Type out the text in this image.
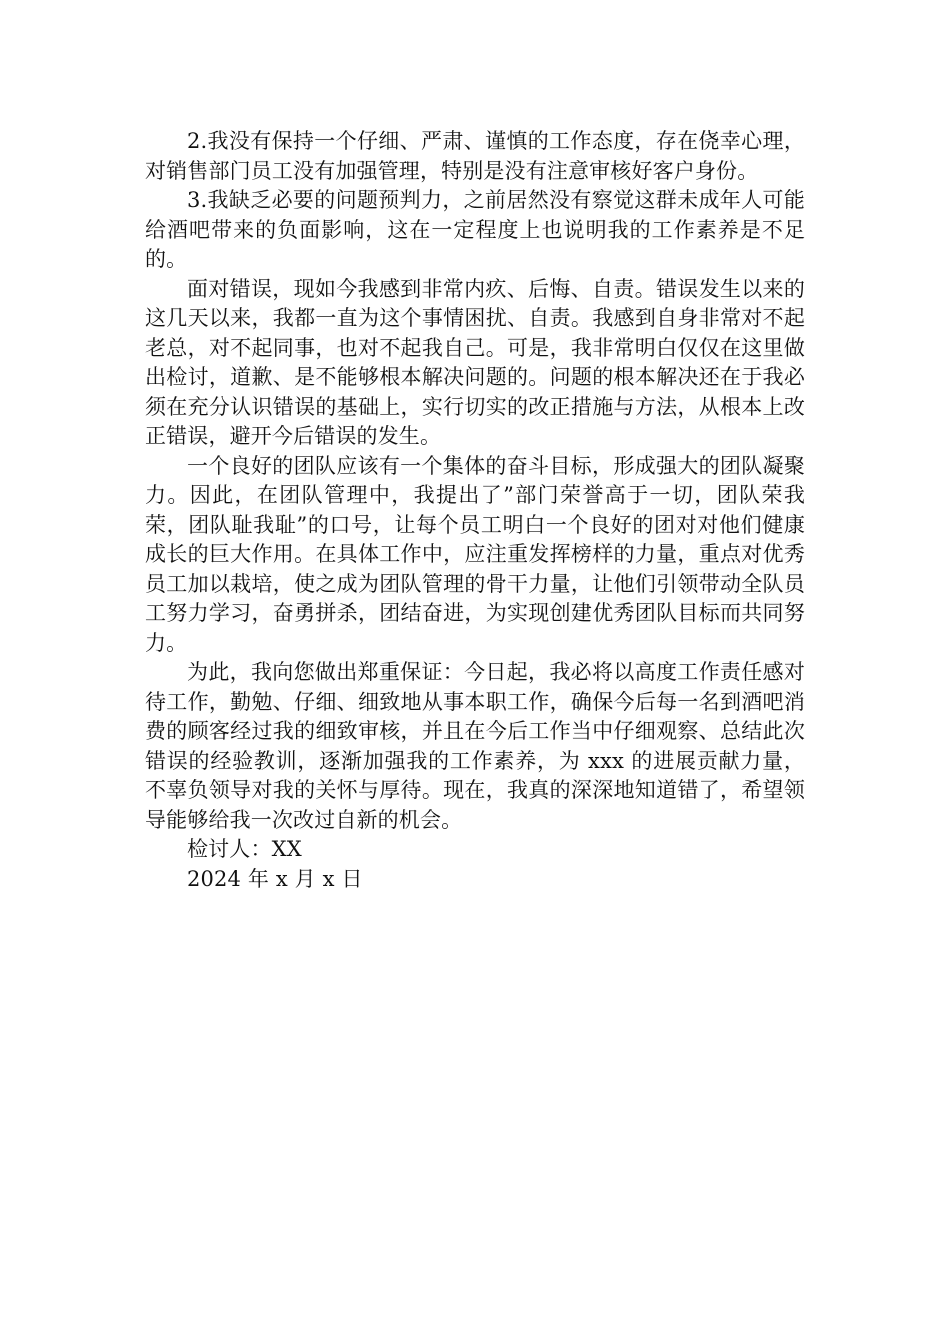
2.我没有保持一个仔细、严肃、谨慎的工作态度，存在侥幸心理，对销售部门员工没有加强管理，特别是没有注意审核好客户身份。

3.我缺乏必要的问题预判力，之前居然没有察觉这群未成年人可能给酒吧带来的负面影响，这在一定程度上也说明我的工作素养是不足的。

面对错误，现如今我感到非常内疚、后悔、自责。错误发生以来的这几天以来，我都一直为这个事情困扰、自责。我感到自身非常对不起老总，对不起同事，也对不起我自己。可是，我非常明白仅仅在这里做出检讨，道歉、是不能够根本解决问题的。问题的根本解决还在于我必须在充分认识错误的基础上，实行切实的改正措施与方法，从根本上改正错误，避开今后错误的发生。

一个良好的团队应该有一个集体的奋斗目标，形成强大的团队凝聚力。因此，在团队管理中，我提出了”部门荣誉高于一切，团队荣我荣，团队耻我耻”的口号，让每个员工明白一个良好的团对对他们健康成长的巨大作用。在具体工作中，应注重发挥榜样的力量，重点对优秀员工加以栽培，使之成为团队管理的骨干力量，让他们引领带动全队员工努力学习，奋勇拼杀，团结奋进，为实现创建优秀团队目标而共同努力。

为此，我向您做出郑重保证：今日起，我必将以高度工作责任感对待工作，勤勉、仔细、细致地从事本职工作，确保今后每一名到酒吧消费的顾客经过我的细致审核，并且在今后工作当中仔细观察、总结此次错误的经验教训，逐渐加强我的工作素养，为 xxx 的进展贡献力量，不辜负领导对我的关怀与厚待。现在，我真的深深地知道错了，希望领导能够给我一次改过自新的机会。

检讨人：XX

2024 年 x 月 x 日
